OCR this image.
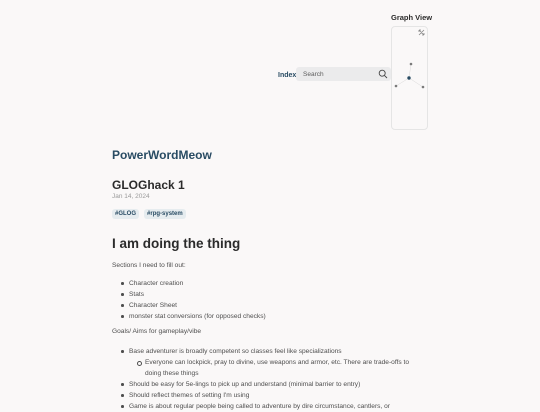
Graph View
Index Search
PowerWordMeow
GLOGhack 1
Jan 14, 2024
#GLOG	#rpg-system
I am doing the thing
Sections I need to fill out:
Character creation
Stats
Character Sheet
monster stat conversions (for opposed checks)
Goals/ Aims for gameplay/vibe
Base adventurer is broadly competent so classes feel like specializations
Everyone can lockpick, pray to divine, use weapons and armor, etc. There are trade-offs to
doing these things
Should be easy for 5e-lings to pick up and understand (minimal barrier to entry)
Should reflect themes of setting I'm using
Game is about regular people being called to adventure by dire circumstance, cantlers, or
